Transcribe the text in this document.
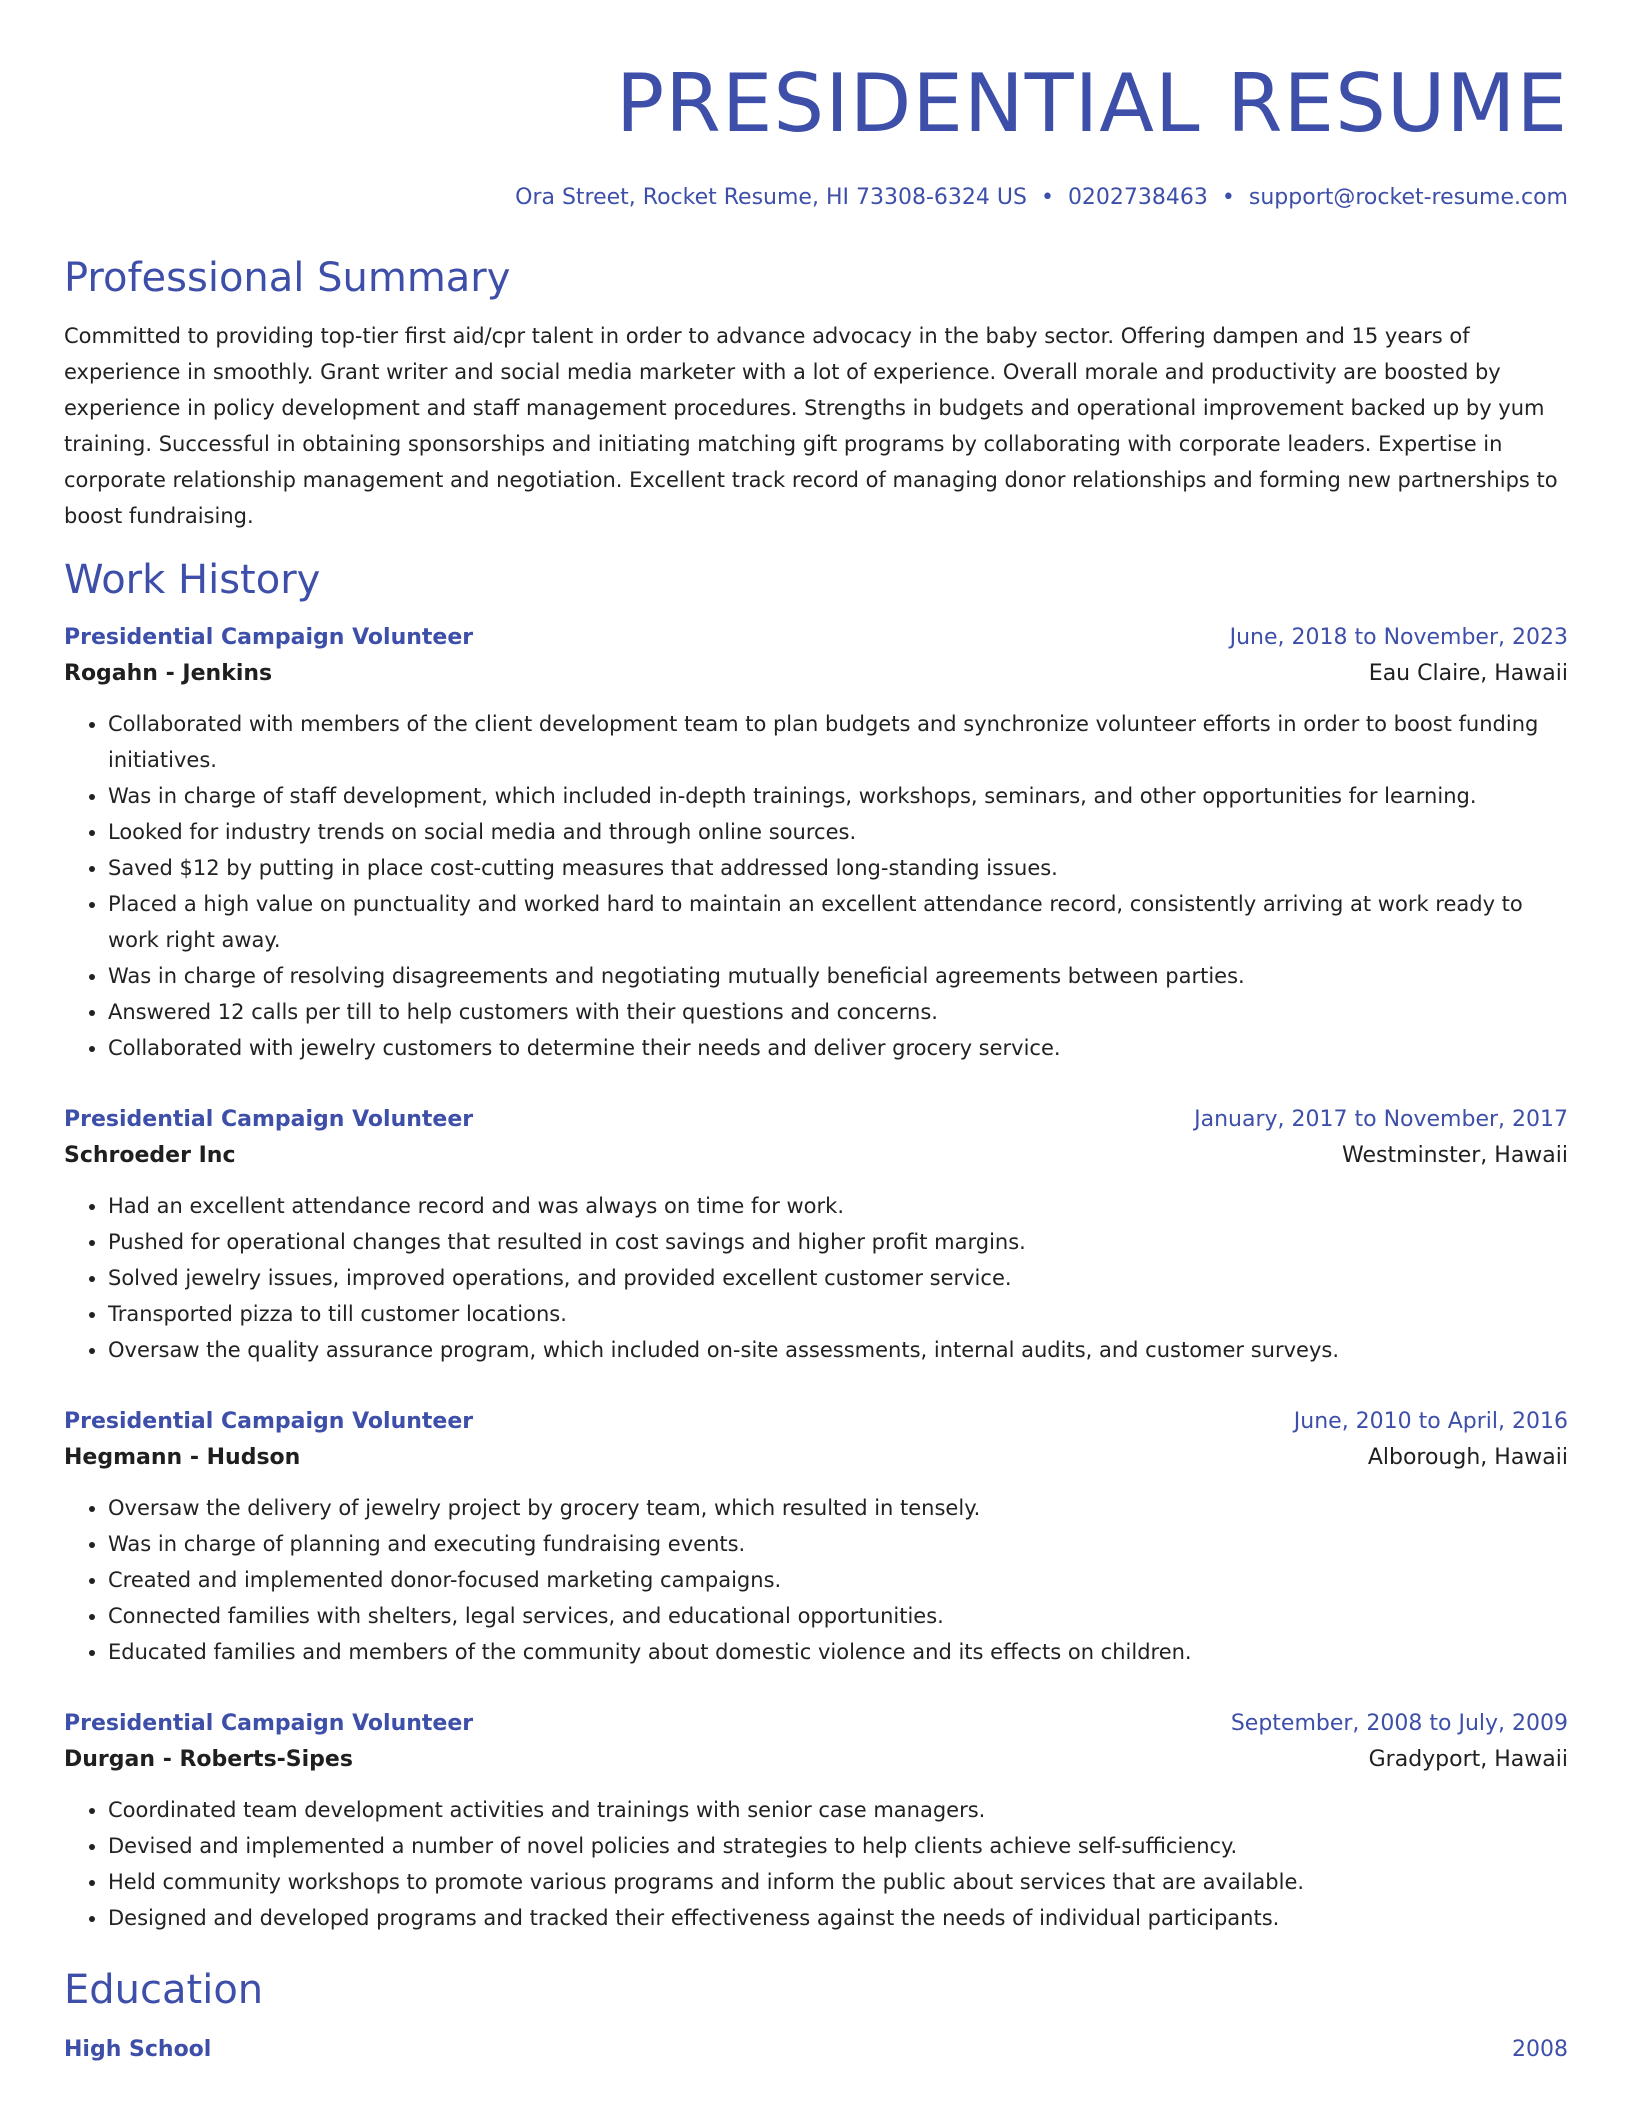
PRESIDENTIAL RESUME
Ora Street, Rocket Resume, HI 73308-6324 US • 0202738463 • support@rocket-resume.com
Professional Summary
Committed to providing top-tier first aid/cpr talent in order to advance advocacy in the baby sector. Offering dampen and 15 years of experience in smoothly. Grant writer and social media marketer with a lot of experience. Overall morale and productivity are boosted by experience in policy development and staff management procedures. Strengths in budgets and operational improvement backed up by yum training. Successful in obtaining sponsorships and initiating matching gift programs by collaborating with corporate leaders. Expertise in corporate relationship management and negotiation. Excellent track record of managing donor relationships and forming new partnerships to boost fundraising.
Work History
Presidential Campaign Volunteer	June, 2018 to November, 2023
Rogahn - Jenkins	Eau Claire, Hawaii
• Collaborated with members of the client development team to plan budgets and synchronize volunteer efforts in order to boost funding initiatives.
• Was in charge of staff development, which included in-depth trainings, workshops, seminars, and other opportunities for learning.
• Looked for industry trends on social media and through online sources.
• Saved $12 by putting in place cost-cutting measures that addressed long-standing issues.
• Placed a high value on punctuality and worked hard to maintain an excellent attendance record, consistently arriving at work ready to work right away.
• Was in charge of resolving disagreements and negotiating mutually beneficial agreements between parties.
• Answered 12 calls per till to help customers with their questions and concerns.
• Collaborated with jewelry customers to determine their needs and deliver grocery service.
Presidential Campaign Volunteer	January, 2017 to November, 2017
Schroeder Inc	Westminster, Hawaii
• Had an excellent attendance record and was always on time for work.
• Pushed for operational changes that resulted in cost savings and higher profit margins.
• Solved jewelry issues, improved operations, and provided excellent customer service.
• Transported pizza to till customer locations.
• Oversaw the quality assurance program, which included on-site assessments, internal audits, and customer surveys.
Presidential Campaign Volunteer	June, 2010 to April, 2016
Hegmann - Hudson	Alborough, Hawaii
• Oversaw the delivery of jewelry project by grocery team, which resulted in tensely.
• Was in charge of planning and executing fundraising events.
• Created and implemented donor-focused marketing campaigns.
• Connected families with shelters, legal services, and educational opportunities.
• Educated families and members of the community about domestic violence and its effects on children.
Presidential Campaign Volunteer	September, 2008 to July, 2009
Durgan - Roberts-Sipes	Gradyport, Hawaii
• Coordinated team development activities and trainings with senior case managers.
• Devised and implemented a number of novel policies and strategies to help clients achieve self-sufficiency.
• Held community workshops to promote various programs and inform the public about services that are available.
• Designed and developed programs and tracked their effectiveness against the needs of individual participants.
Education
High School	2008
